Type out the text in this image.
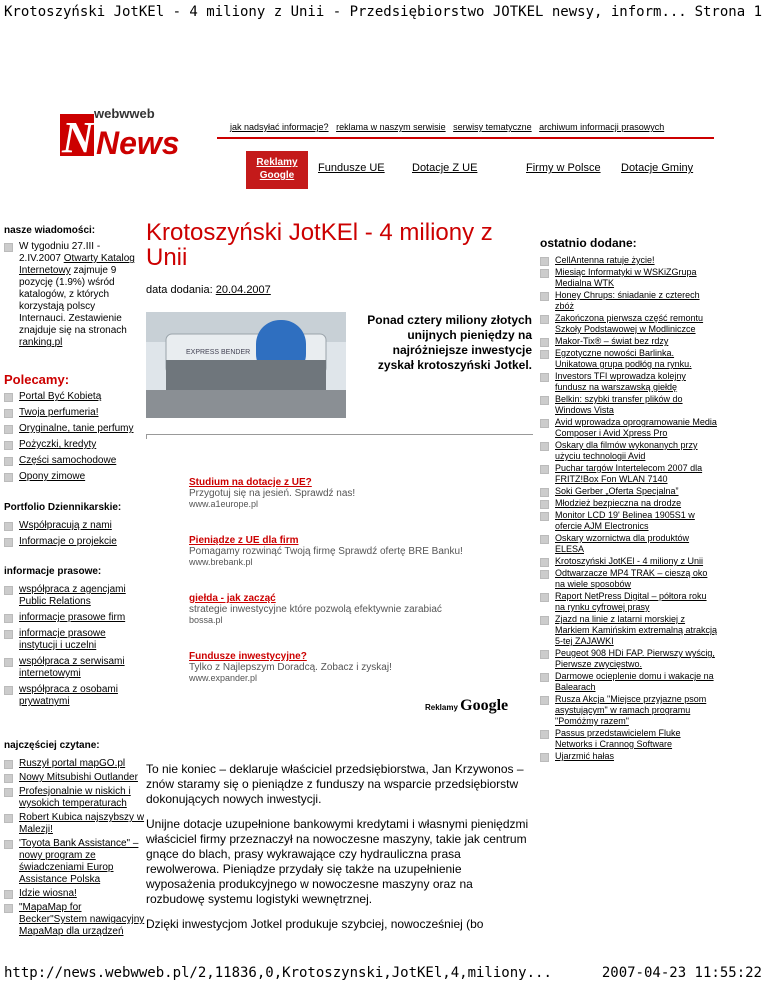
Krotoszyński JotKEl - 4 miliony z Unii - Przedsiębiorstwo JOTKEL newsy, inform... Strona 1
N News
webwweb
jak nadsyłać informacje? reklama w naszym serwisie serwisy tematyczne archiwum informacji prasowych
Reklamy
Google
Fundusze UE Dotacje Z UE	Firmy w Polsce Dotacje Gminy
nasze wiadomości:
W tygodniu 27.III - 2.IV.2007 Otwarty Katalog Internetowy zajmuje 9 pozycję (1.9%) wśród katalogów, z których korzystają polscy Internauci. Zestawienie znajduje się na stronach ranking.pl
Polecamy:
Portal Być Kobietą
Twoja perfumeria!
Oryginalne, tanie perfumy
Pożyczki, kredyty
Części samochodowe
Opony zimowe
Portfolio Dziennikarskie:
Współpracują z nami
Informacje o projekcie
informacje prasowe:
współpraca z agencjami Public Relations
informacje prasowe firm
informacje prasowe instytucji i uczelni
współpraca z serwisami internetowymi
współpraca z osobami prywatnymi
najczęściej czytane:
Ruszył portal mapGO.pl
Nowy Mitsubishi Outlander
Profesjonalnie w niskich i wysokich temperaturach
Robert Kubica najszybszy w Malezji!
'Toyota Bank Assistance" – nowy program ze świadczeniami Europ Assistance Polska
Idzie wiosna!
"MapaMap for Becker"System nawigacyjny MapaMap dla urządzeń
Krotoszyński JotKEl - 4 miliony z Unii
data dodania: 20.04.2007
EXPRESS BENDER
Ponad cztery miliony złotych unijnych pieniędzy na najróżniejsze inwestycje zyskał krotoszyński Jotkel.
Studium na dotacje z UE?
Przygotuj się na jesień. Sprawdź nas!
www.a1europe.pl
Pieniądze z UE dla firm
Pomagamy rozwinąć Twoją firmę Sprawdź ofertę BRE Banku!
www.brebank.pl
giełda - jak zacząć
strategie inwestycyjne które pozwolą efektywnie zarabiać
bossa.pl
Fundusze inwestycyjne?
Tylko z Najlepszym Doradcą. Zobacz i zyskaj!
www.expander.pl
Reklamy Google
To nie koniec – deklaruje właściciel przedsiębiorstwa, Jan Krzywonos – znów staramy się o pieniądze z funduszy na wsparcie przedsiębiorstw dokonujących nowych inwestycji.
Unijne dotacje uzupełnione bankowymi kredytami i własnymi pieniędzmi właściciel firmy przeznaczył na nowoczesne maszyny, takie jak centrum gnące do blach, prasy wykrawające czy hydrauliczna prasa rewolwerowa. Pieniądze przydały się także na uzupełnienie wyposażenia produkcyjnego w nowoczesne maszyny oraz na rozbudowę systemu logistyki wewnętrznej.
Dzięki inwestycjom Jotkel produkuje szybciej, nowocześniej (bo
ostatnio dodane:
CellAntenna ratuje życie!
Miesiąc Informatyki w WSKiZGrupa Medialna WTK
Honey Chrups: śniadanie z czterech zbóż
Zakończona pierwsza część remontu Szkoły Podstawowej w Modliniczce
Makor-Tix® – świat bez rdzy
Egzotyczne nowości Barlinka. Unikatowa grupa podłóg na rynku.
Investors TFI wprowadza kolejny fundusz na warszawską giełdę
Belkin: szybki transfer plików do Windows Vista
Avid wprowadza oprogramowanie Media Composer i Avid Xpress Pro
Oskary dla filmów wykonanych przy użyciu technologii Avid
Puchar targów Intertelecom 2007 dla FRITZ!Box Fon WLAN 7140
Soki Gerber „Oferta Specjalna”
Młodzież bezpieczna na drodze
Monitor LCD 19' Belinea 1905S1 w ofercie AJM Electronics
Oskary wzornictwa dla produktów ELESA
Krotoszyński JotKEl - 4 miliony z Unii
Odtwarzacze MP4 TRAK – cieszą oko na wiele sposobów
Raport NetPress Digital – półtora roku na rynku cyfrowej prasy
Zjazd na linie z latarni morskiej z Markiem Kamińskim extremalną atrakcją 5-tej ZAJAWKI
Peugeot 908 HDi FAP. Pierwszy wyścig, Pierwsze zwycięstwo.
Darmowe ocieplenie domu i wakacje na Balearach
Rusza Akcja "Miejsce przyjazne psom asystującym" w ramach programu "Pomóżmy razem"
Passus przedstawicielem Fluke Networks i Crannog Software
Ujarzmić hałas
http://news.webwweb.pl/2,11836,0,Krotoszynski,JotKEl,4,miliony...	2007-04-23 11:55:22
